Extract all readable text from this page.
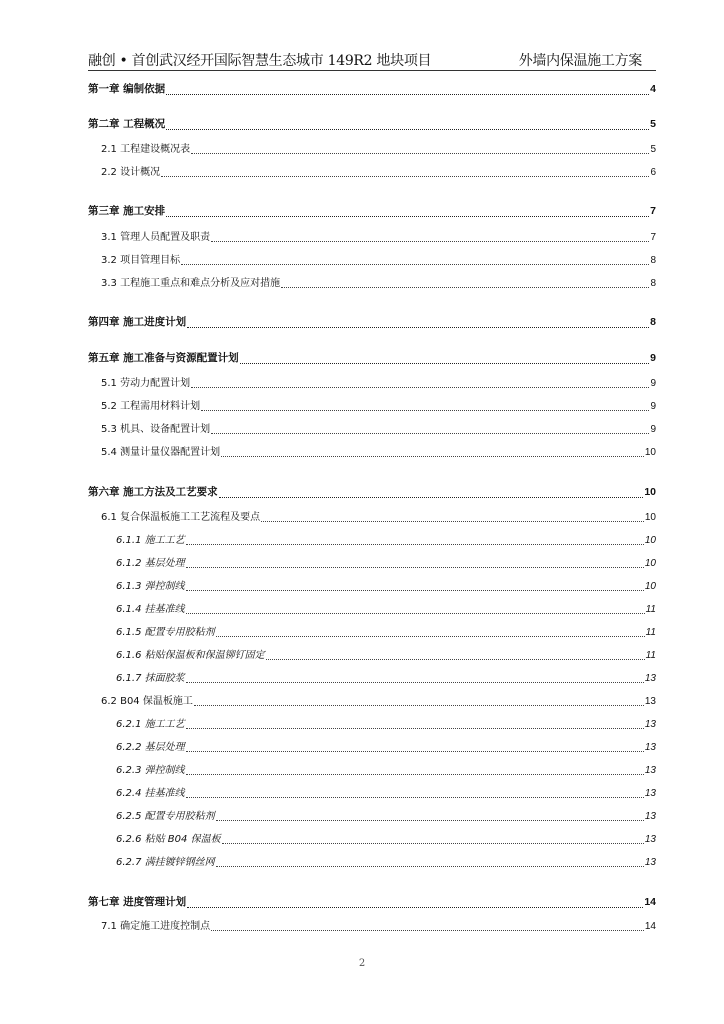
融创 • 首创武汉经开国际智慧生态城市 149R2 地块项目	外墙内保温施工方案
第一章 编制依据	4
第二章 工程概况	5
2.1 工程建设概况表	5
2.2 设计概况	6
第三章 施工安排	7
3.1 管理人员配置及职责	7
3.2 项目管理目标	8
3.3 工程施工重点和难点分析及应对措施	8
第四章 施工进度计划	8
第五章 施工准备与资源配置计划	9
5.1 劳动力配置计划	9
5.2 工程需用材料计划	9
5.3 机具、设备配置计划	9
5.4 测量计量仪器配置计划	10
第六章 施工方法及工艺要求	10
6.1 复合保温板施工工艺流程及要点	10
6.1.1 施工工艺	10
6.1.2 基层处理	10
6.1.3 弹控制线	10
6.1.4 挂基准线	11
6.1.5 配置专用胶粘剂	11
6.1.6 粘贴保温板和保温铆钉固定	11
6.1.7 抹面胶浆	13
6.2 B04 保温板施工	13
6.2.1 施工工艺	13
6.2.2 基层处理	13
6.2.3 弹控制线	13
6.2.4 挂基准线	13
6.2.5 配置专用胶粘剂	13
6.2.6 粘贴 B04 保温板	13
6.2.7 满挂镀锌钢丝网	13
第七章 进度管理计划	14
7.1 确定施工进度控制点	14
2
